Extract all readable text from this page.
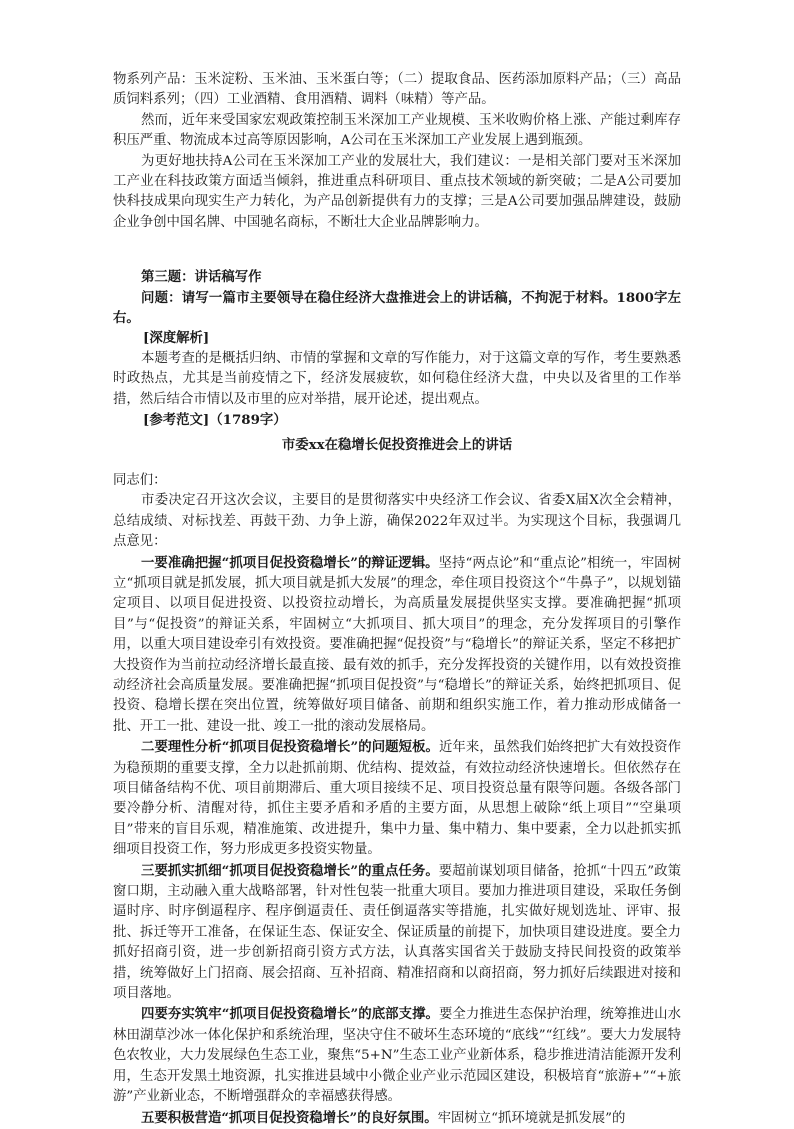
物系列产品：玉米淀粉、玉米油、玉米蛋白等；（二）提取食品、医药添加原料产品；（三）高品质饲料系列；（四）工业酒精、食用酒精、调料（味精）等产品。

然而，近年来受国家宏观政策控制玉米深加工产业规模、玉米收购价格上涨、产能过剩库存积压严重、物流成本过高等原因影响，A公司在玉米深加工产业发展上遇到瓶颈。

为更好地扶持A公司在玉米深加工产业的发展壮大，我们建议：一是相关部门要对玉米深加工产业在科技政策方面适当倾斜，推进重点科研项目、重点技术领域的新突破；二是A公司要加快科技成果向现实生产力转化，为产品创新提供有力的支撑；三是A公司要加强品牌建设，鼓励企业争创中国名牌、中国驰名商标，不断壮大企业品牌影响力。

第三题：讲话稿写作

问题：请写一篇市主要领导在稳住经济大盘推进会上的讲话稿，不拘泥于材料。1800字左右。

[深度解析]

本题考查的是概括归纳、市情的掌握和文章的写作能力，对于这篇文章的写作，考生要熟悉时政热点，尤其是当前疫情之下，经济发展疲软，如何稳住经济大盘，中央以及省里的工作举措，然后结合市情以及市里的应对举措，展开论述，提出观点。

[参考范文]（1789字）

市委xx在稳增长促投资推进会上的讲话

同志们：

市委决定召开这次会议，主要目的是贯彻落实中央经济工作会议、省委X届X次全会精神，总结成绩、对标找差、再鼓干劲、力争上游，确保2022年双过半。为实现这个目标，我强调几点意见：

一要准确把握“抓项目促投资稳增长”的辩证逻辑。坚持“两点论”和“重点论”相统一，牢固树立“抓项目就是抓发展，抓大项目就是抓大发展”的理念，牵住项目投资这个“牛鼻子”，以规划锚定项目、以项目促进投资、以投资拉动增长，为高质量发展提供坚实支撑。要准确把握“抓项目”与“促投资”的辩证关系，牢固树立“大抓项目、抓大项目”的理念，充分发挥项目的引擎作用，以重大项目建设牵引有效投资。要准确把握“促投资”与“稳增长”的辩证关系，坚定不移把扩大投资作为当前拉动经济增长最直接、最有效的抓手，充分发挥投资的关键作用，以有效投资推动经济社会高质量发展。要准确把握“抓项目促投资”与“稳增长”的辩证关系，始终把抓项目、促投资、稳增长摆在突出位置，统筹做好项目储备、前期和组织实施工作，着力推动形成储备一批、开工一批、建设一批、竣工一批的滚动发展格局。

二要理性分析“抓项目促投资稳增长”的问题短板。近年来，虽然我们始终把扩大有效投资作为稳预期的重要支撑，全力以赴抓前期、优结构、提效益，有效拉动经济快速增长。但依然存在项目储备结构不优、项目前期滞后、重大项目接续不足、项目投资总量有限等问题。各级各部门要冷静分析、清醒对待，抓住主要矛盾和矛盾的主要方面，从思想上破除“纸上项目”“空巢项目”带来的盲目乐观，精准施策、改进提升，集中力量、集中精力、集中要素，全力以赴抓实抓细项目投资工作，努力形成更多投资实物量。

三要抓实抓细“抓项目促投资稳增长”的重点任务。要超前谋划项目储备，抢抓“十四五”政策窗口期，主动融入重大战略部署，针对性包装一批重大项目。要加力推进项目建设，采取任务倒逼时序、时序倒逼程序、程序倒逼责任、责任倒逼落实等措施，扎实做好规划选址、评审、报批、拆迁等开工准备，在保证生态、保证安全、保证质量的前提下，加快项目建设进度。要全力抓好招商引资，进一步创新招商引资方式方法，认真落实国省关于鼓励支持民间投资的政策举措，统筹做好上门招商、展会招商、互补招商、精准招商和以商招商，努力抓好后续跟进对接和项目落地。

四要夯实筑牢“抓项目促投资稳增长”的底部支撑。要全力推进生态保护治理，统筹推进山水林田湖草沙冰一体化保护和系统治理，坚决守住不破坏生态环境的“底线”“红线”。要大力发展特色农牧业，大力发展绿色生态工业，聚焦“5+N”生态工业产业新体系，稳步推进清洁能源开发利用，生态开发黑土地资源，扎实推进县域中小微企业产业示范园区建设，积极培育“旅游+”“+旅游”产业新业态，不断增强群众的幸福感获得感。

五要积极营造“抓项目促投资稳增长”的良好氛围。牢固树立“抓环境就是抓发展”的
